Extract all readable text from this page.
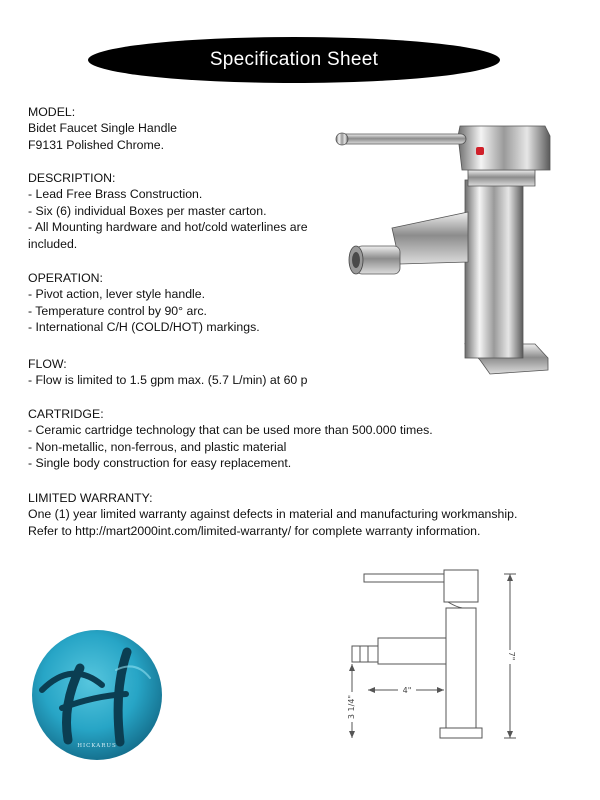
Specification Sheet
MODEL:
Bidet Faucet Single Handle
F9131 Polished Chrome.
DESCRIPTION:
- Lead Free Brass Construction.
- Six (6) individual Boxes per master carton.
- All Mounting hardware and hot/cold waterlines are included.
OPERATION:
- Pivot action, lever style handle.
- Temperature control by 90° arc.
- International C/H (COLD/HOT) markings.
FLOW:
- Flow is limited to 1.5 gpm max. (5.7 L/min) at 60 p
CARTRIDGE:
- Ceramic cartridge technology that can be used more than 500.000 times.
- Non-metallic, non-ferrous, and plastic material
- Single body construction for easy replacement.
LIMITED WARRANTY:
One (1) year limited warranty against defects in material and manufacturing workmanship.
Refer to http://mart2000int.com/limited-warranty/ for complete warranty information.
7"
4"
3 1/4"
HICKARUS
